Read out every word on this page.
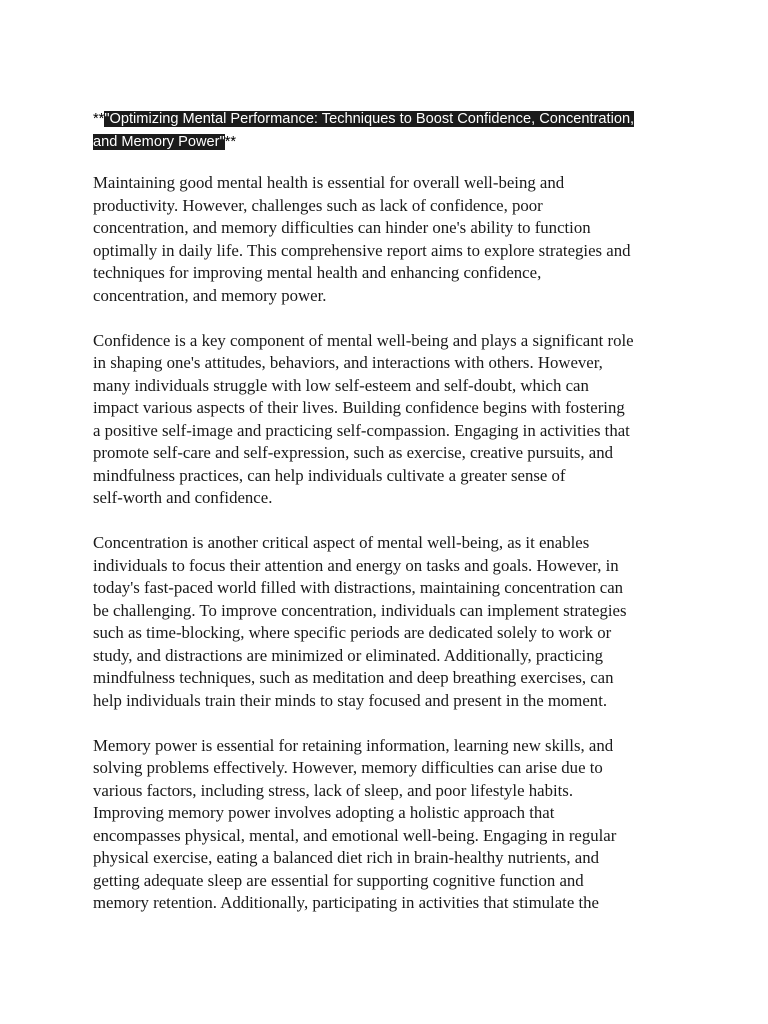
**"Optimizing Mental Performance: Techniques to Boost Confidence, Concentration,
and Memory Power"**
Maintaining good mental health is essential for overall well-being and
productivity. However, challenges such as lack of confidence, poor
concentration, and memory difficulties can hinder one's ability to function
optimally in daily life. This comprehensive report aims to explore strategies and
techniques for improving mental health and enhancing confidence,
concentration, and memory power.
Confidence is a key component of mental well-being and plays a significant role
in shaping one's attitudes, behaviors, and interactions with others. However,
many individuals struggle with low self-esteem and self-doubt, which can
impact various aspects of their lives. Building confidence begins with fostering
a positive self-image and practicing self-compassion. Engaging in activities that
promote self-care and self-expression, such as exercise, creative pursuits, and
mindfulness practices, can help individuals cultivate a greater sense of
self-worth and confidence.
Concentration is another critical aspect of mental well-being, as it enables
individuals to focus their attention and energy on tasks and goals. However, in
today's fast-paced world filled with distractions, maintaining concentration can
be challenging. To improve concentration, individuals can implement strategies
such as time-blocking, where specific periods are dedicated solely to work or
study, and distractions are minimized or eliminated. Additionally, practicing
mindfulness techniques, such as meditation and deep breathing exercises, can
help individuals train their minds to stay focused and present in the moment.
Memory power is essential for retaining information, learning new skills, and
solving problems effectively. However, memory difficulties can arise due to
various factors, including stress, lack of sleep, and poor lifestyle habits.
Improving memory power involves adopting a holistic approach that
encompasses physical, mental, and emotional well-being. Engaging in regular
physical exercise, eating a balanced diet rich in brain-healthy nutrients, and
getting adequate sleep are essential for supporting cognitive function and
memory retention. Additionally, participating in activities that stimulate the
